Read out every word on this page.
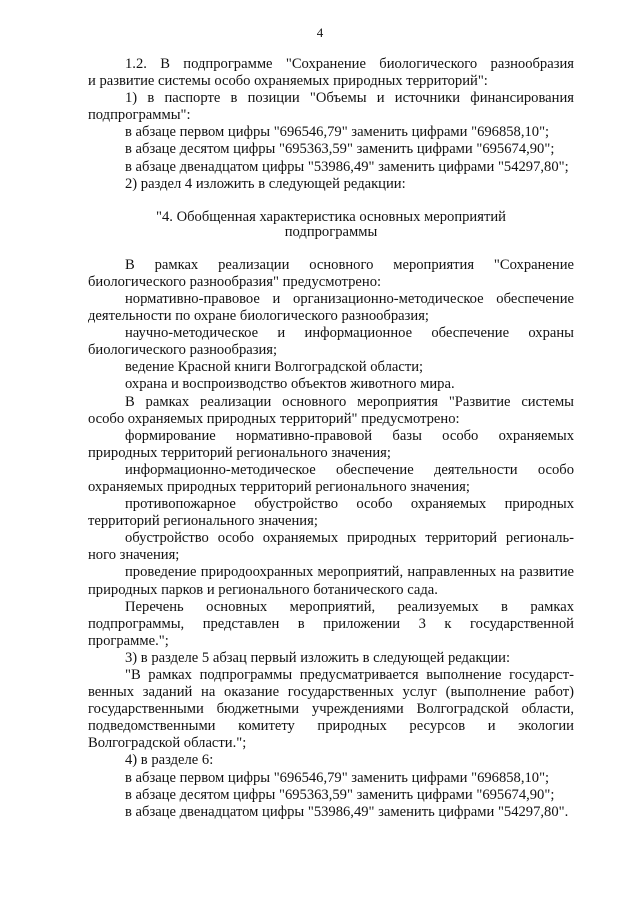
4

1.2. В подпрограмме "Сохранение биологического разнообразия

и развитие системы особо охраняемых природных территорий":

1) в паспорте в позиции "Объемы и источники финансирования

подпрограммы":

в абзаце первом цифры "696546,79" заменить цифрами "696858,10";

в абзаце десятом цифры "695363,59" заменить цифрами "695674,90";

в абзаце двенадцатом цифры "53986,49" заменить цифрами "54297,80";

2) раздел 4 изложить в следующей редакции:

"4. Обобщенная характеристика основных мероприятий
подпрограммы

В рамках реализации основного мероприятия "Сохранение

биологического разнообразия" предусмотрено:

нормативно-правовое и организационно-методическое обеспечение

деятельности по охране биологического разнообразия;

научно-методическое и информационное обеспечение охраны

биологического разнообразия;

ведение Красной книги Волгоградской области;

охрана и воспроизводство объектов животного мира.

В рамках реализации основного мероприятия "Развитие системы

особо охраняемых природных территорий" предусмотрено:

формирование нормативно-правовой базы особо охраняемых

природных территорий регионального значения;

информационно-методическое обеспечение деятельности особо

охраняемых природных территорий регионального значения;

противопожарное обустройство особо охраняемых природных

территорий регионального значения;

обустройство особо охраняемых природных территорий региональ-

ного значения;

проведение природоохранных мероприятий, направленных на развитие

природных парков и регионального ботанического сада.

Перечень основных мероприятий, реализуемых в рамках

подпрограммы, представлен в приложении 3 к государственной

программе.";

3) в разделе 5 абзац первый изложить в следующей редакции:

"В рамках подпрограммы предусматривается выполнение государст-

венных заданий на оказание государственных услуг (выполнение работ)

государственными бюджетными учреждениями Волгоградской области,

подведомственными комитету природных ресурсов и экологии

Волгоградской области.";

4) в разделе 6:

в абзаце первом цифры "696546,79" заменить цифрами "696858,10";

в абзаце десятом цифры "695363,59" заменить цифрами "695674,90";

в абзаце двенадцатом цифры "53986,49" заменить цифрами "54297,80".
